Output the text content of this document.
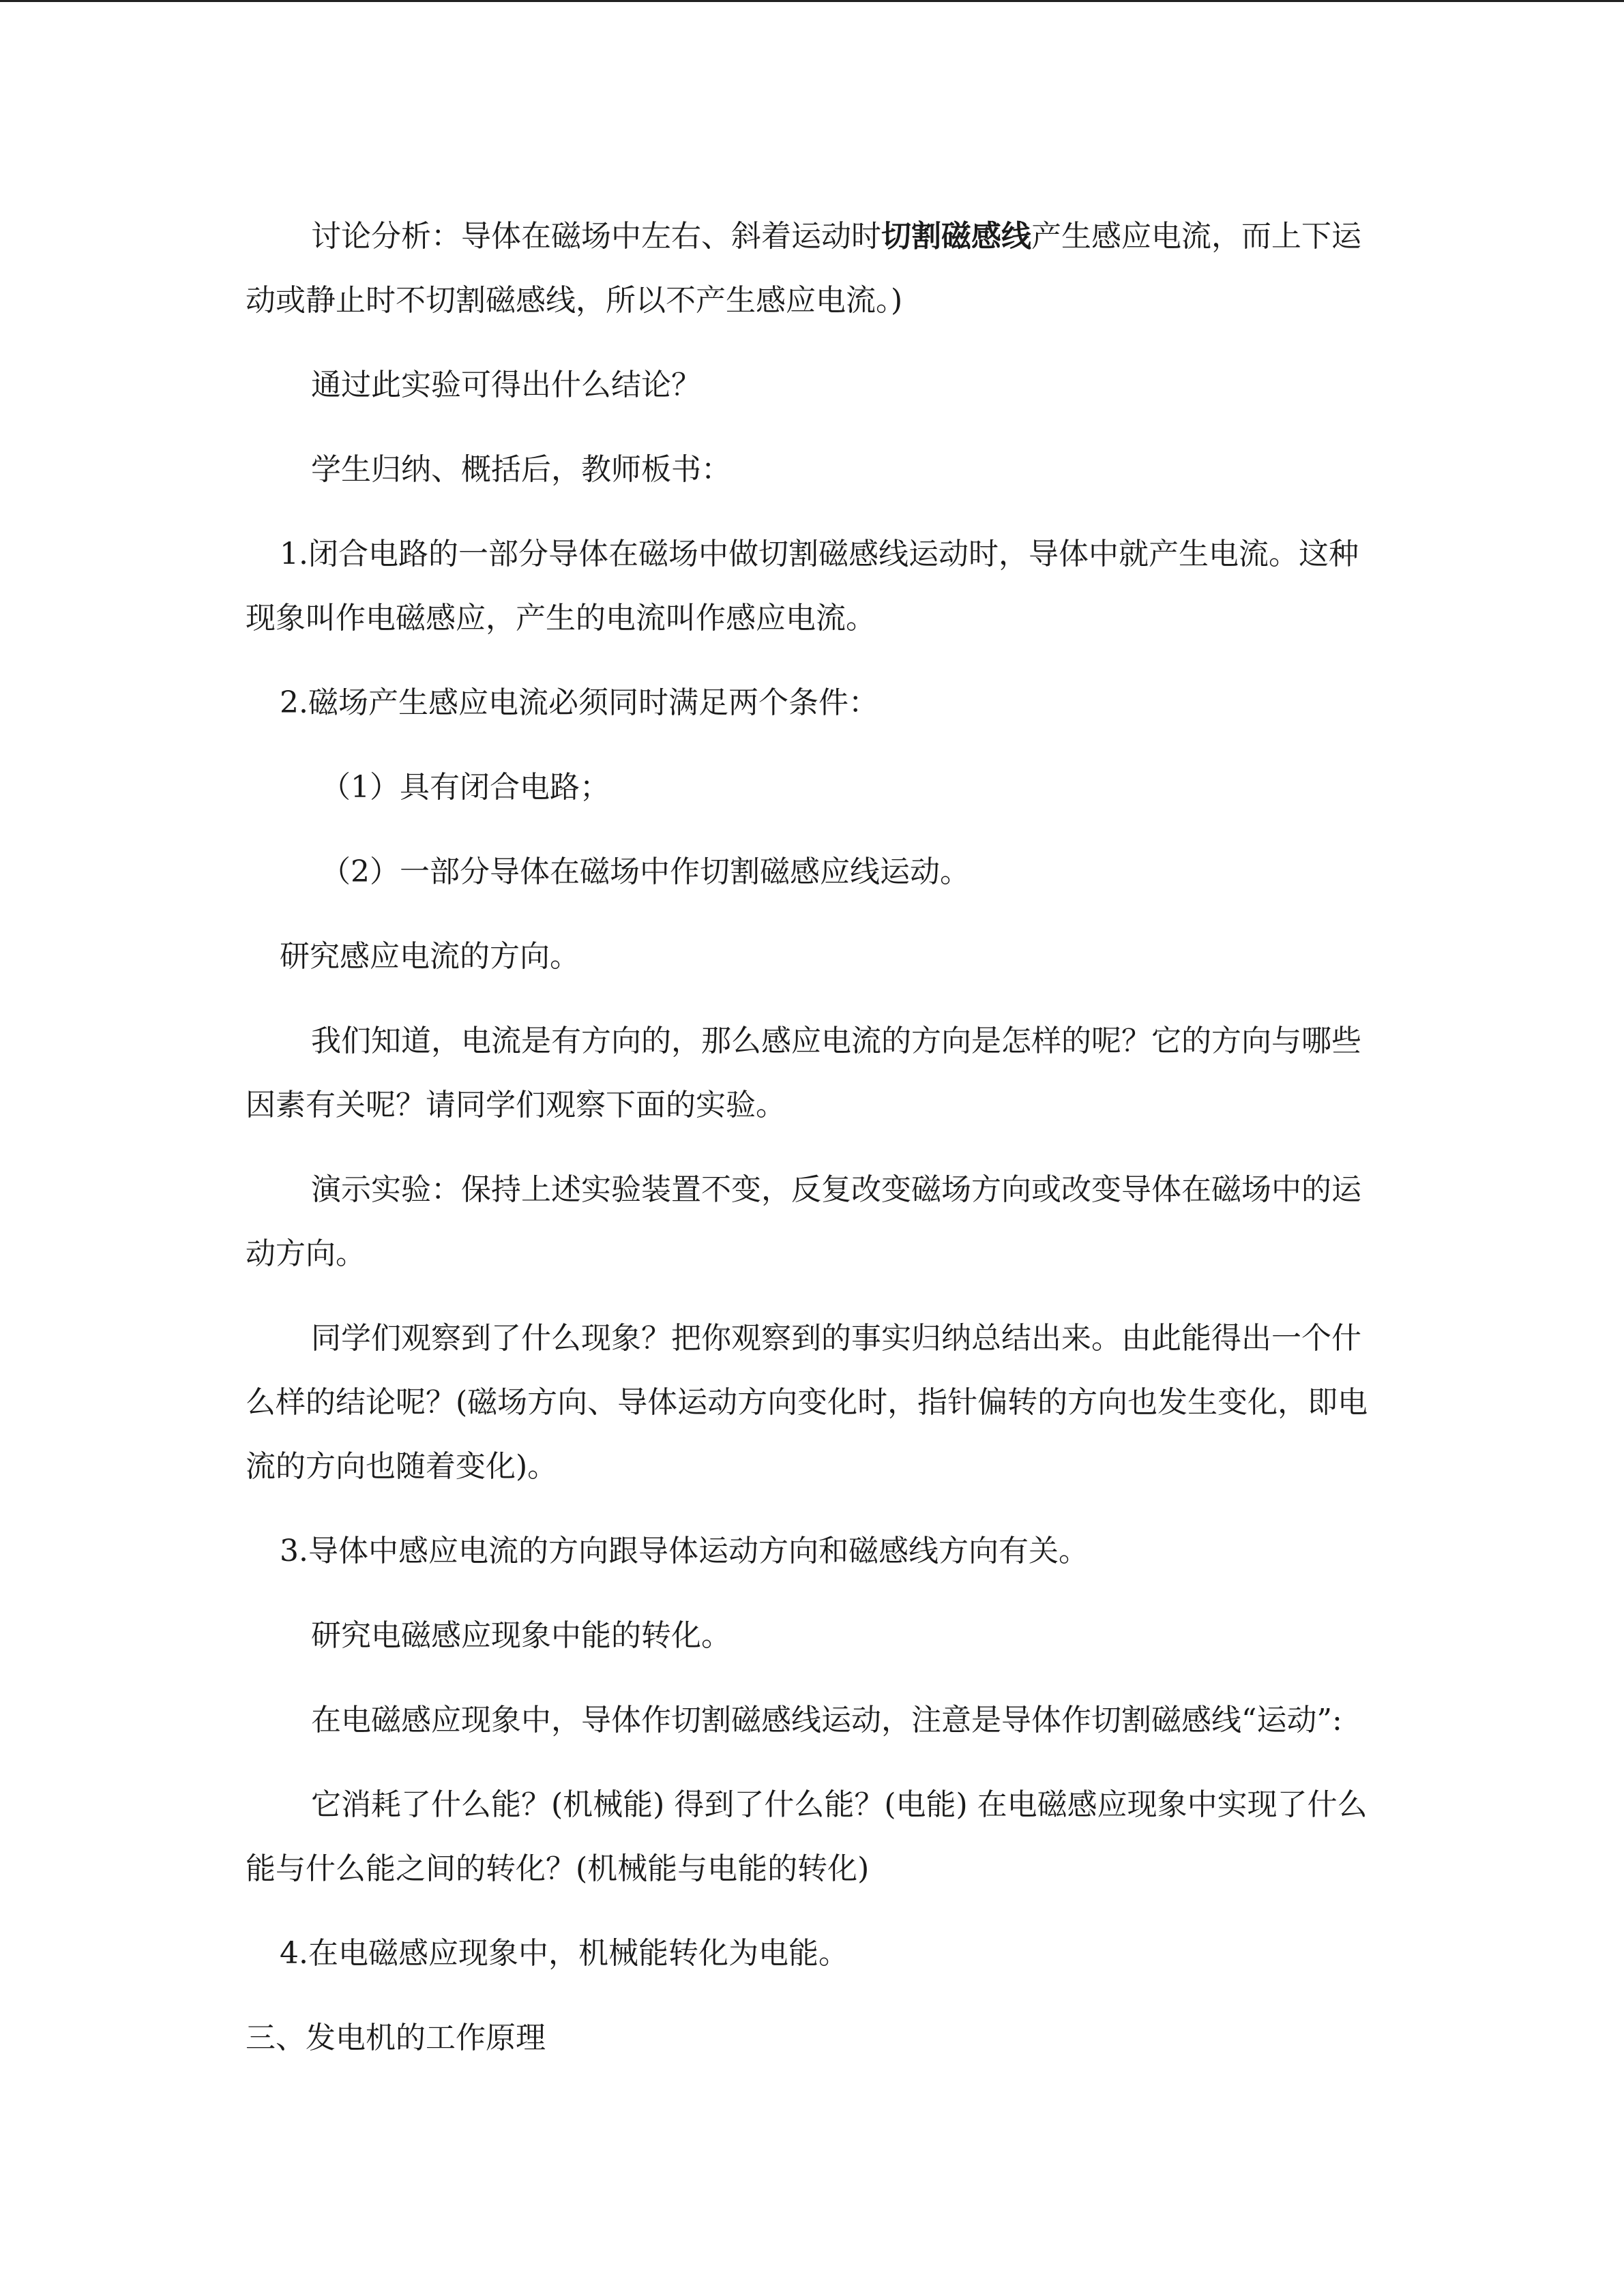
讨论分析：导体在磁场中左右、斜着运动时切割磁感线产生感应电流，而上下运动或静止时不切割磁感线，所以不产生感应电流。)

通过此实验可得出什么结论？

学生归纳、概括后，教师板书：

1.闭合电路的一部分导体在磁场中做切割磁感线运动时，导体中就产生电流。这种现象叫作电磁感应，产生的电流叫作感应电流。

2.磁场产生感应电流必须同时满足两个条件：

（1）具有闭合电路；

（2）一部分导体在磁场中作切割磁感应线运动。

研究感应电流的方向。

我们知道，电流是有方向的，那么感应电流的方向是怎样的呢？它的方向与哪些因素有关呢？请同学们观察下面的实验。

演示实验：保持上述实验装置不变，反复改变磁场方向或改变导体在磁场中的运动方向。

同学们观察到了什么现象？把你观察到的事实归纳总结出来。由此能得出一个什么样的结论呢？(磁场方向、导体运动方向变化时，指针偏转的方向也发生变化，即电流的方向也随着变化)。

3.导体中感应电流的方向跟导体运动方向和磁感线方向有关。

研究电磁感应现象中能的转化。

在电磁感应现象中，导体作切割磁感线运动，注意是导体作切割磁感线“运动”:

它消耗了什么能？(机械能) 得到了什么能？(电能) 在电磁感应现象中实现了什么能与什么能之间的转化？(机械能与电能的转化)

4.在电磁感应现象中，机械能转化为电能。

三、发电机的工作原理
